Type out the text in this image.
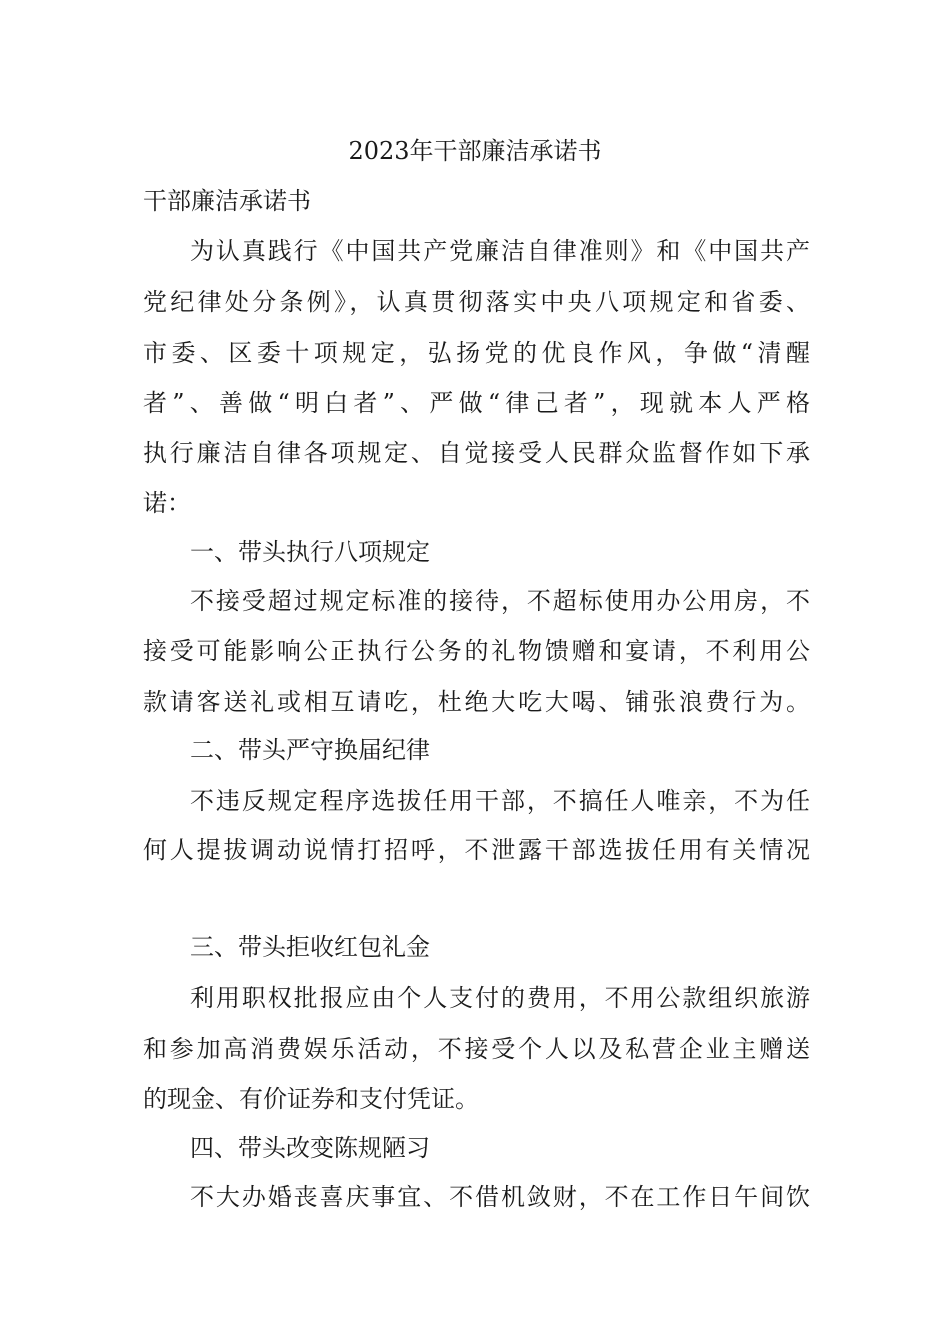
2023年干部廉洁承诺书
干部廉洁承诺书
为认真践行《中国共产党廉洁自律准则》和《中国共产
党纪律处分条例》，认真贯彻落实中央八项规定和省委、
市委、区委十项规定，弘扬党的优良作风，争做“清醒
者”、善做“明白者”、严做“律己者”，现就本人严格
执行廉洁自律各项规定、自觉接受人民群众监督作如下承
诺：
一、带头执行八项规定
不接受超过规定标准的接待，不超标使用办公用房，不
接受可能影响公正执行公务的礼物馈赠和宴请，不利用公
款请客送礼或相互请吃，杜绝大吃大喝、铺张浪费行为。
二、带头严守换届纪律
不违反规定程序选拔任用干部，不搞任人唯亲，不为任
何人提拔调动说情打招呼，不泄露干部选拔任用有关情况
三、带头拒收红包礼金
利用职权批报应由个人支付的费用，不用公款组织旅游
和参加高消费娱乐活动，不接受个人以及私营企业主赠送
的现金、有价证券和支付凭证。
四、带头改变陈规陋习
不大办婚丧喜庆事宜、不借机敛财，不在工作日午间饮
